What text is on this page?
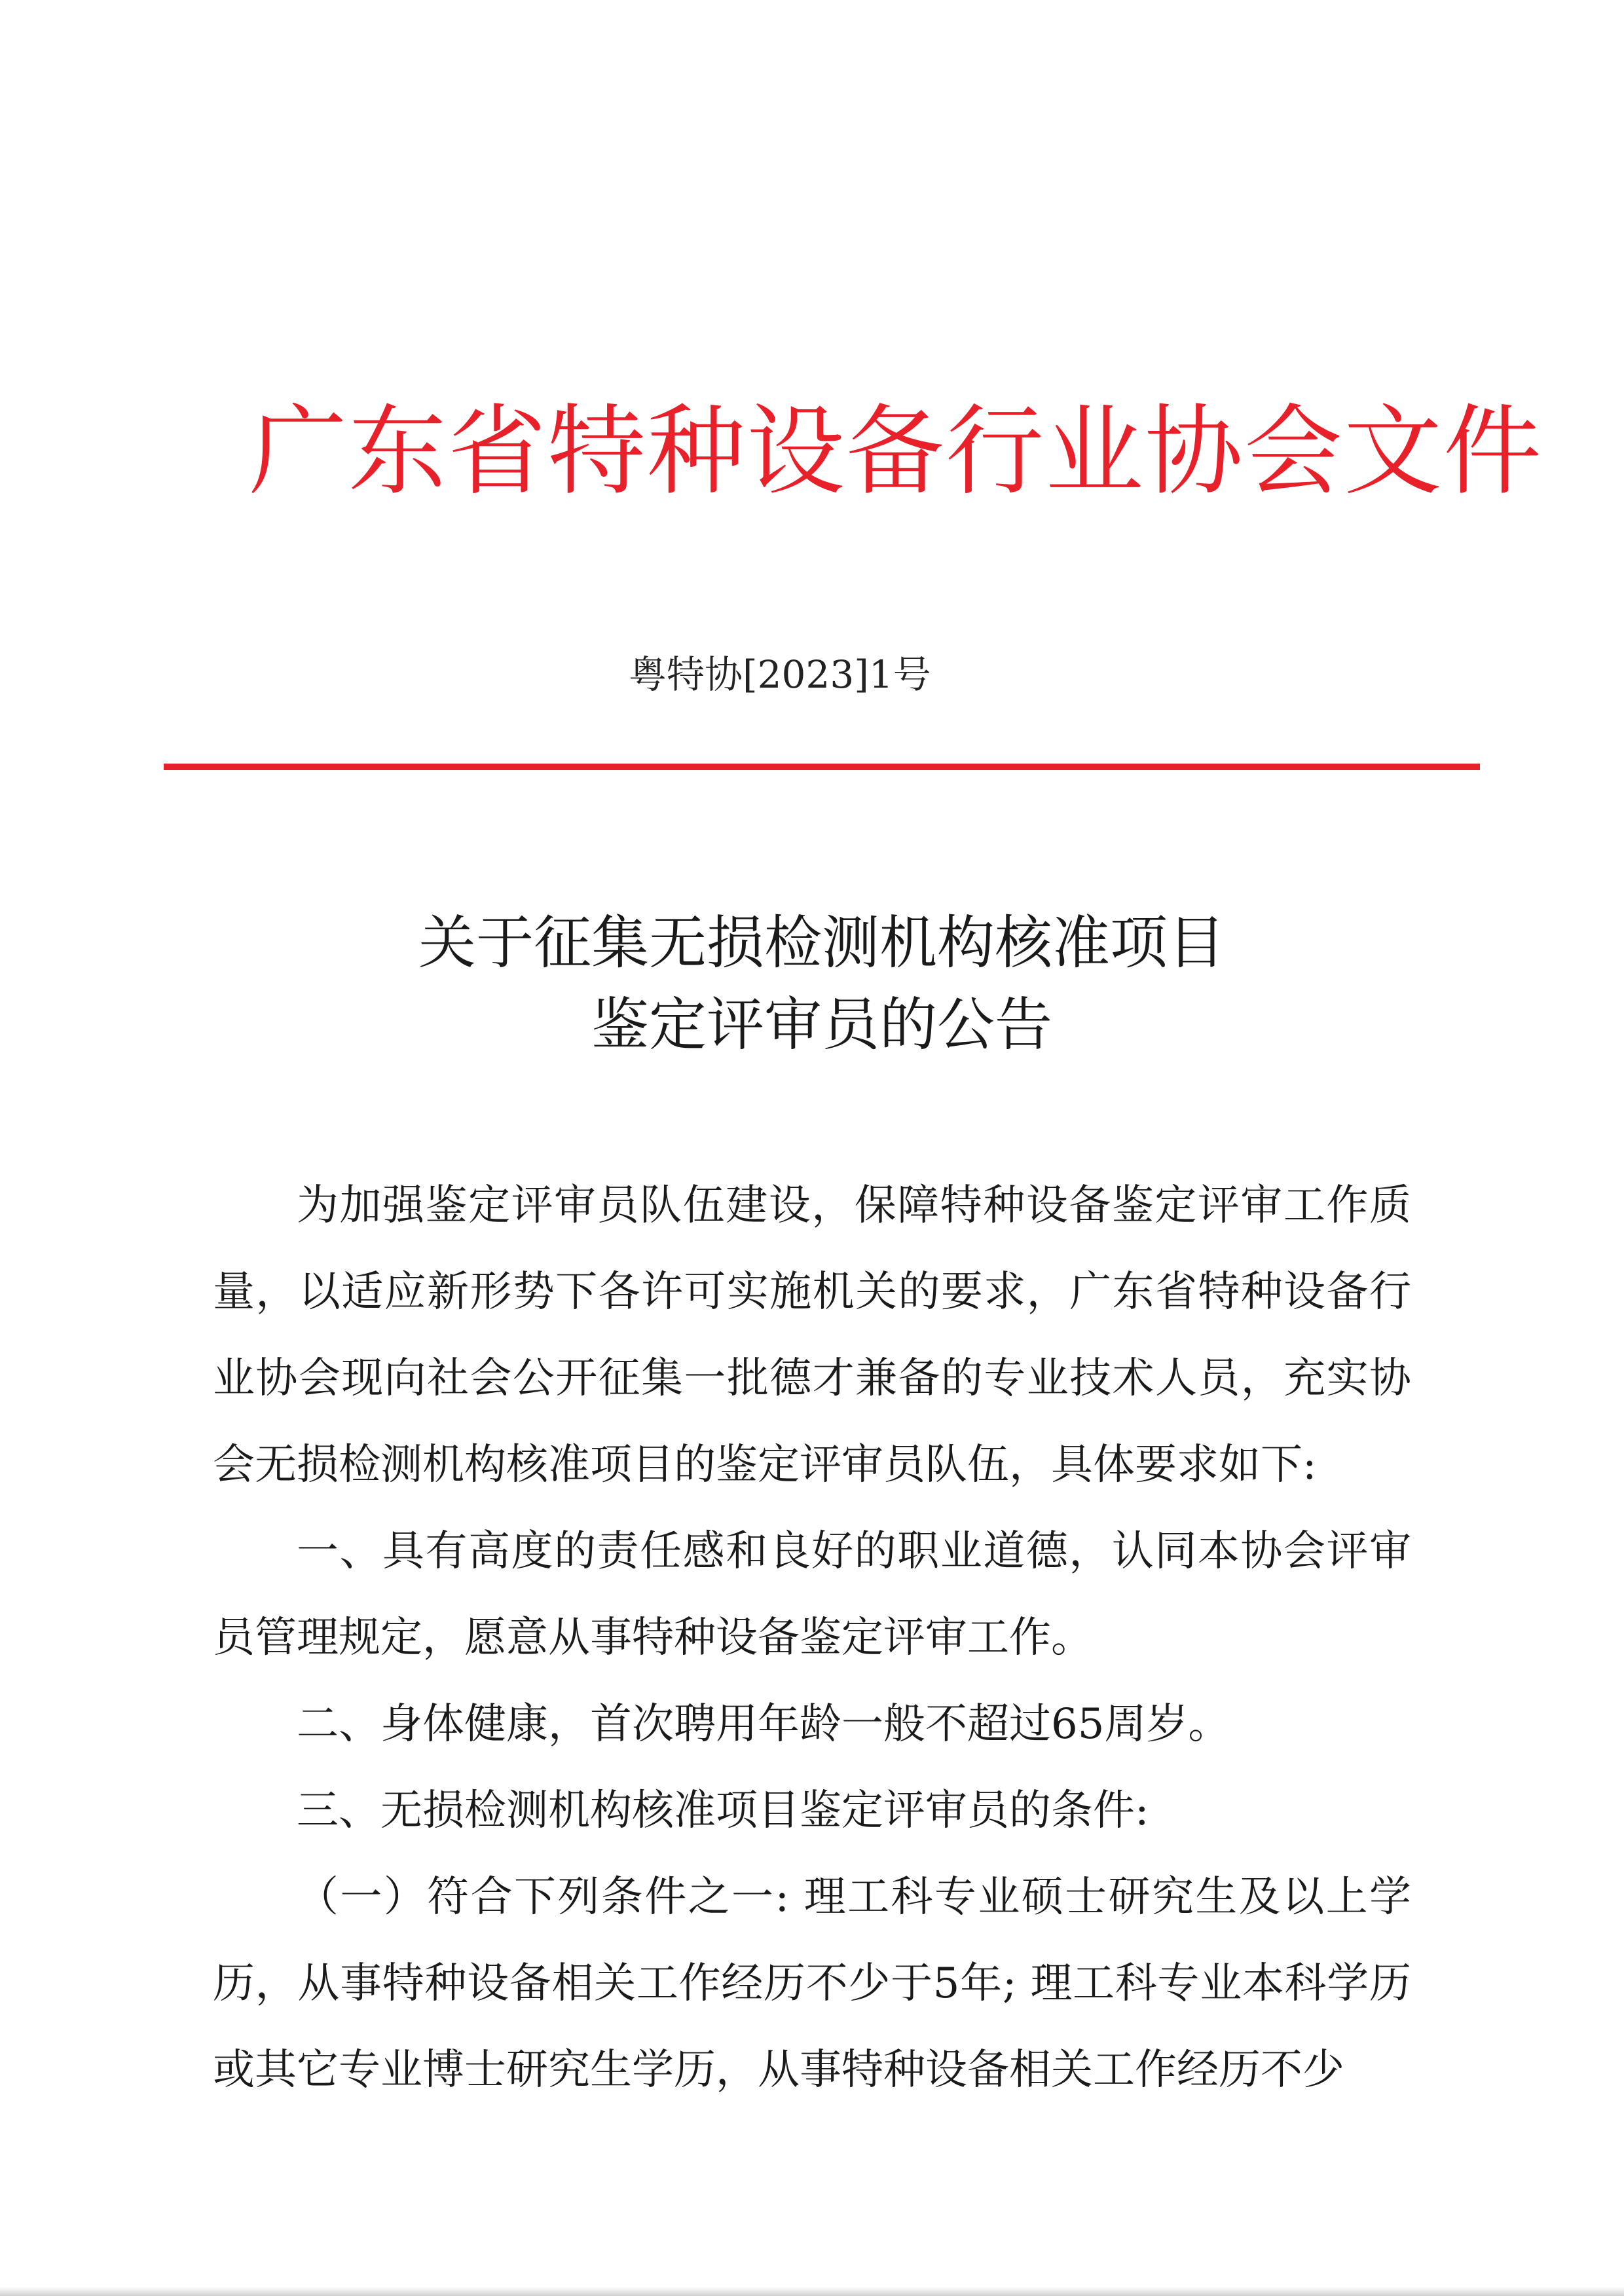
广东省特种设备行业协会文件
粤特协[2023]1号
关于征集无损检测机构核准项目
鉴定评审员的公告

为加强鉴定评审员队伍建设，保障特种设备鉴定评审工作质量，以适应新形势下各许可实施机关的要求，广东省特种设备行业协会现向社会公开征集一批德才兼备的专业技术人员，充实协会无损检测机构核准项目的鉴定评审员队伍，具体要求如下:

一、具有高度的责任感和良好的职业道德，认同本协会评审员管理规定，愿意从事特种设备鉴定评审工作。

二、身体健康，首次聘用年龄一般不超过65周岁。

三、无损检测机构核准项目鉴定评审员的条件:

（一）符合下列条件之一: 理工科专业硕士研究生及以上学历，从事特种设备相关工作经历不少于5年; 理工科专业本科学历或其它专业博士研究生学历，从事特种设备相关工作经历不少
